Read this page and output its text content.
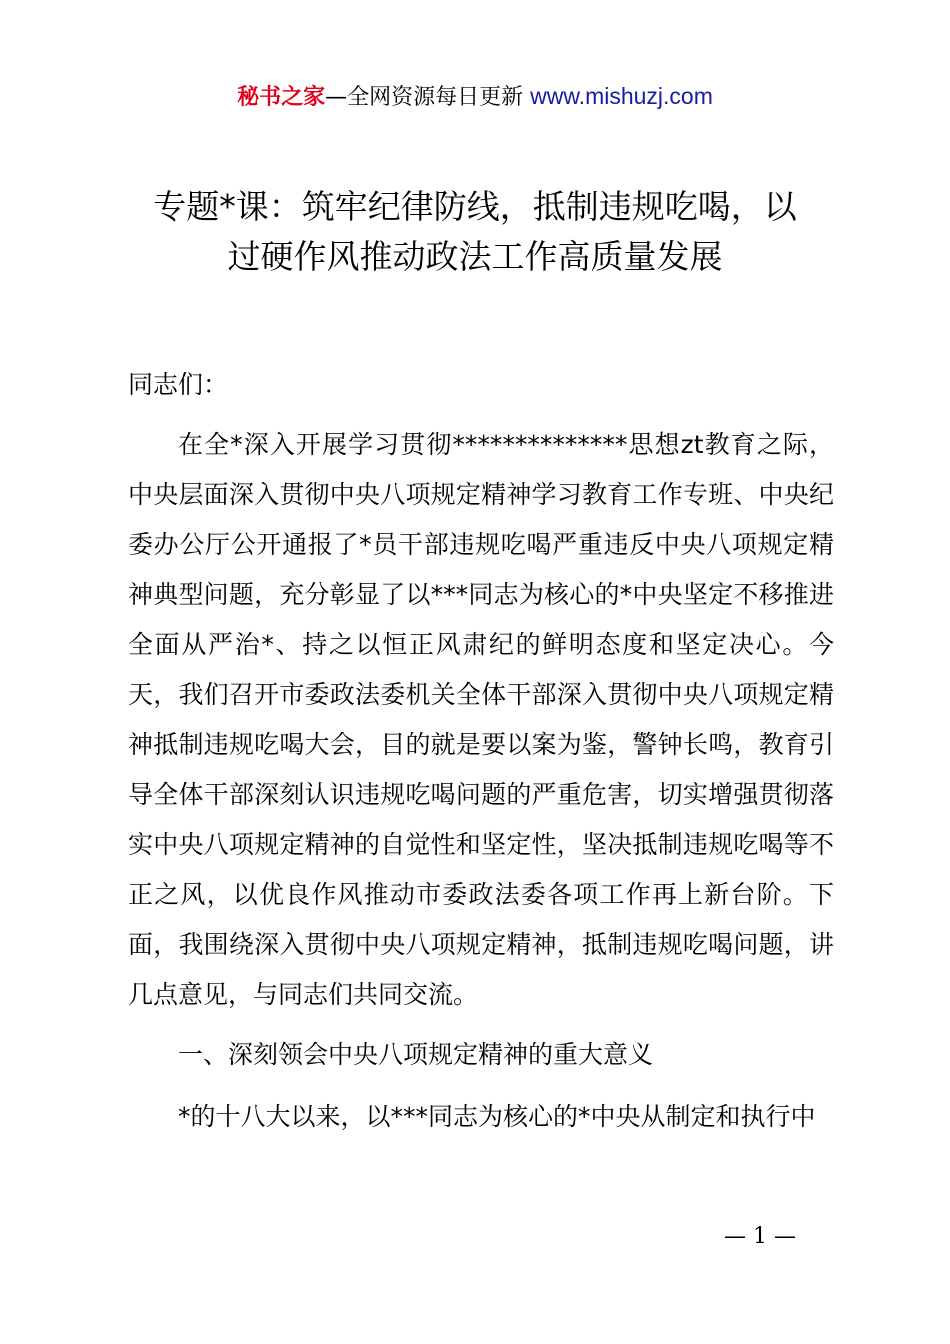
秘书之家—全网资源每日更新 www.mishuzj.com
专题*课：筑牢纪律防线，抵制违规吃喝，以
过硬作风推动政法工作高质量发展

同志们：

在全*深入开展学习贯彻**************思想zt教育之际，中央层面深入贯彻中央八项规定精神学习教育工作专班、中央纪委办公厅公开通报了*员干部违规吃喝严重违反中央八项规定精神典型问题，充分彰显了以***同志为核心的*中央坚定不移推进全面从严治*、持之以恒正风肃纪的鲜明态度和坚定决心。今天，我们召开市委政法委机关全体干部深入贯彻中央八项规定精神抵制违规吃喝大会，目的就是要以案为鉴，警钟长鸣，教育引导全体干部深刻认识违规吃喝问题的严重危害，切实增强贯彻落实中央八项规定精神的自觉性和坚定性，坚决抵制违规吃喝等不正之风，以优良作风推动市委政法委各项工作再上新台阶。下面，我围绕深入贯彻中央八项规定精神，抵制违规吃喝问题，讲几点意见，与同志们共同交流。

一、深刻领会中央八项规定精神的重大意义

*的十八大以来，以***同志为核心的*中央从制定和执行中

— 1 —
